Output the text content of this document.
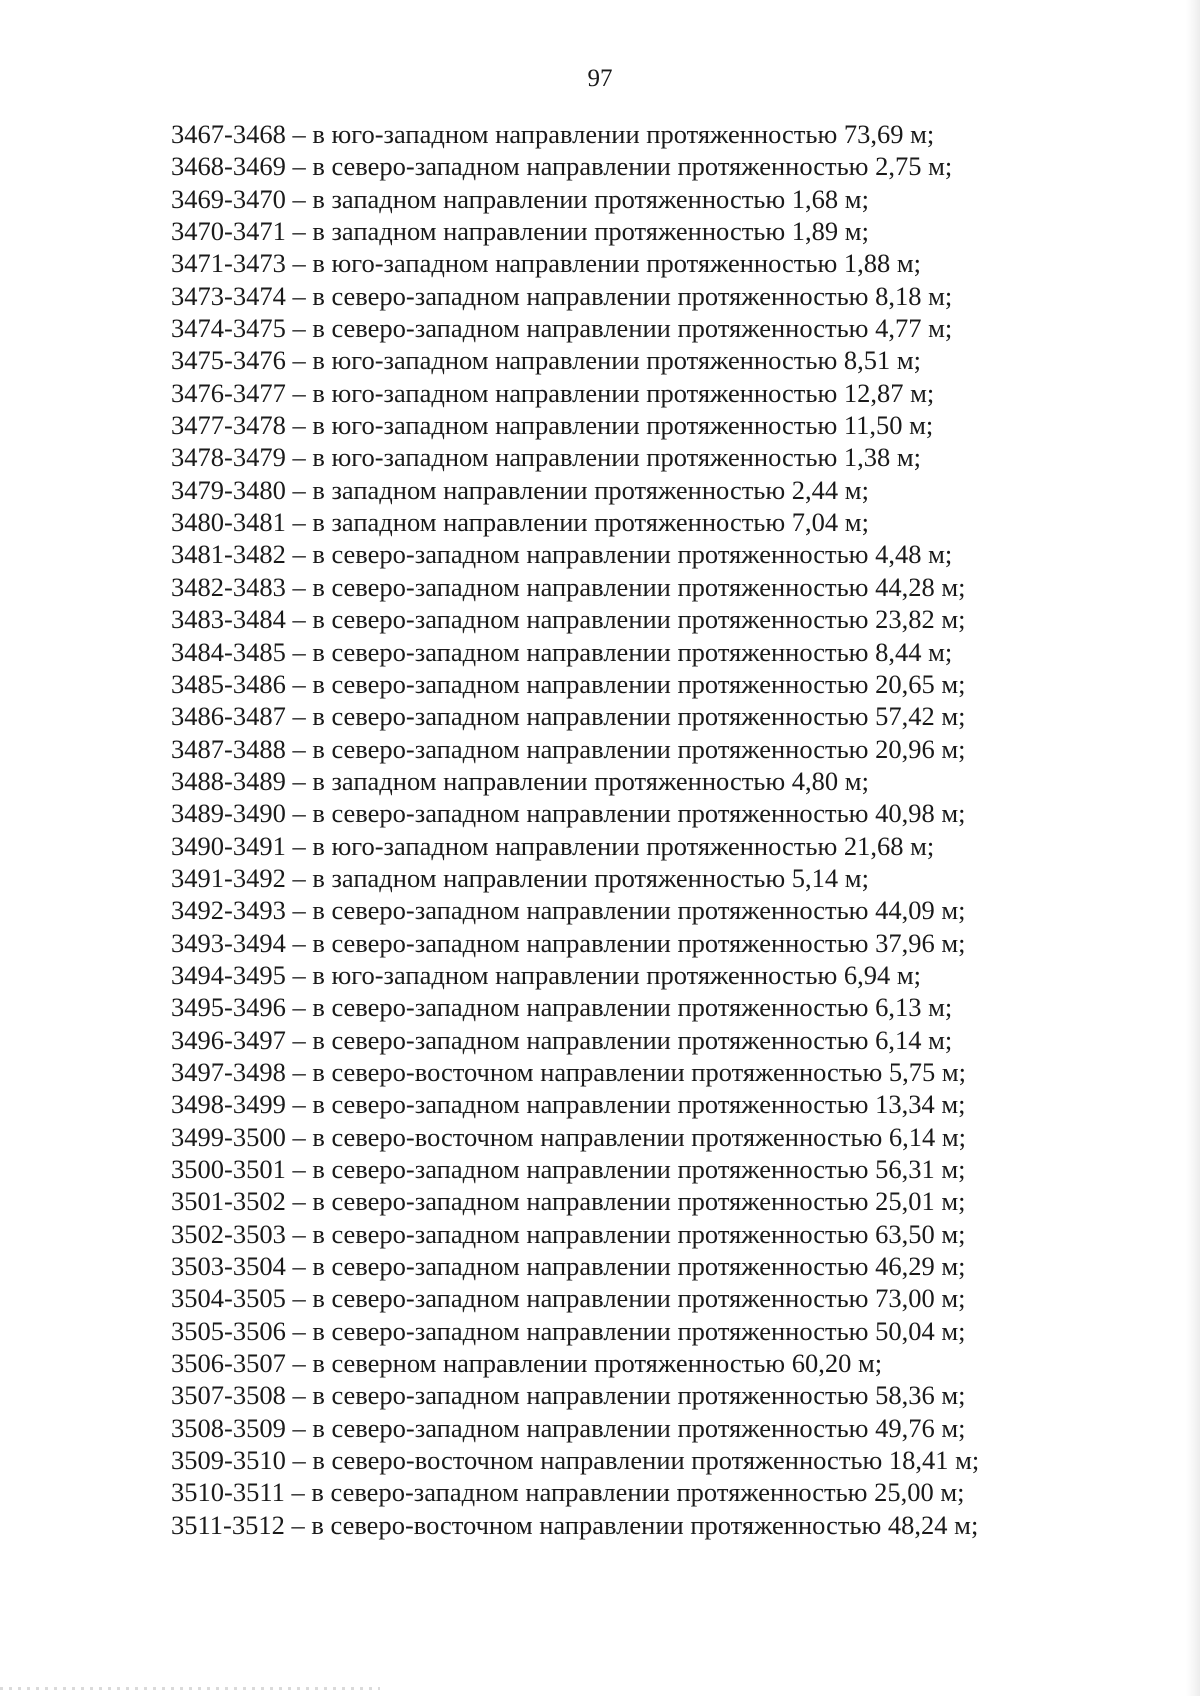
97
3467-3468 – в юго-западном направлении протяженностью 73,69 м;
3468-3469 – в северо-западном направлении протяженностью 2,75 м;
3469-3470 – в западном направлении протяженностью 1,68 м;
3470-3471 – в западном направлении протяженностью 1,89 м;
3471-3473 – в юго-западном направлении протяженностью 1,88 м;
3473-3474 – в северо-западном направлении протяженностью 8,18 м;
3474-3475 – в северо-западном направлении протяженностью 4,77 м;
3475-3476 – в юго-западном направлении протяженностью 8,51 м;
3476-3477 – в юго-западном направлении протяженностью 12,87 м;
3477-3478 – в юго-западном направлении протяженностью 11,50 м;
3478-3479 – в юго-западном направлении протяженностью 1,38 м;
3479-3480 – в западном направлении протяженностью 2,44 м;
3480-3481 – в западном направлении протяженностью 7,04 м;
3481-3482 – в северо-западном направлении протяженностью 4,48 м;
3482-3483 – в северо-западном направлении протяженностью 44,28 м;
3483-3484 – в северо-западном направлении протяженностью 23,82 м;
3484-3485 – в северо-западном направлении протяженностью 8,44 м;
3485-3486 – в северо-западном направлении протяженностью 20,65 м;
3486-3487 – в северо-западном направлении протяженностью 57,42 м;
3487-3488 – в северо-западном направлении протяженностью 20,96 м;
3488-3489 – в западном направлении протяженностью 4,80 м;
3489-3490 – в северо-западном направлении протяженностью 40,98 м;
3490-3491 – в юго-западном направлении протяженностью 21,68 м;
3491-3492 – в западном направлении протяженностью 5,14 м;
3492-3493 – в северо-западном направлении протяженностью 44,09 м;
3493-3494 – в северо-западном направлении протяженностью 37,96 м;
3494-3495 – в юго-западном направлении протяженностью 6,94 м;
3495-3496 – в северо-западном направлении протяженностью 6,13 м;
3496-3497 – в северо-западном направлении протяженностью 6,14 м;
3497-3498 – в северо-восточном направлении протяженностью 5,75 м;
3498-3499 – в северо-западном направлении протяженностью 13,34 м;
3499-3500 – в северо-восточном направлении протяженностью 6,14 м;
3500-3501 – в северо-западном направлении протяженностью 56,31 м;
3501-3502 – в северо-западном направлении протяженностью 25,01 м;
3502-3503 – в северо-западном направлении протяженностью 63,50 м;
3503-3504 – в северо-западном направлении протяженностью 46,29 м;
3504-3505 – в северо-западном направлении протяженностью 73,00 м;
3505-3506 – в северо-западном направлении протяженностью 50,04 м;
3506-3507 – в северном направлении протяженностью 60,20 м;
3507-3508 – в северо-западном направлении протяженностью 58,36 м;
3508-3509 – в северо-западном направлении протяженностью 49,76 м;
3509-3510 – в северо-восточном направлении протяженностью 18,41 м;
3510-3511 – в северо-западном направлении протяженностью 25,00 м;
3511-3512 – в северо-восточном направлении протяженностью 48,24 м;
